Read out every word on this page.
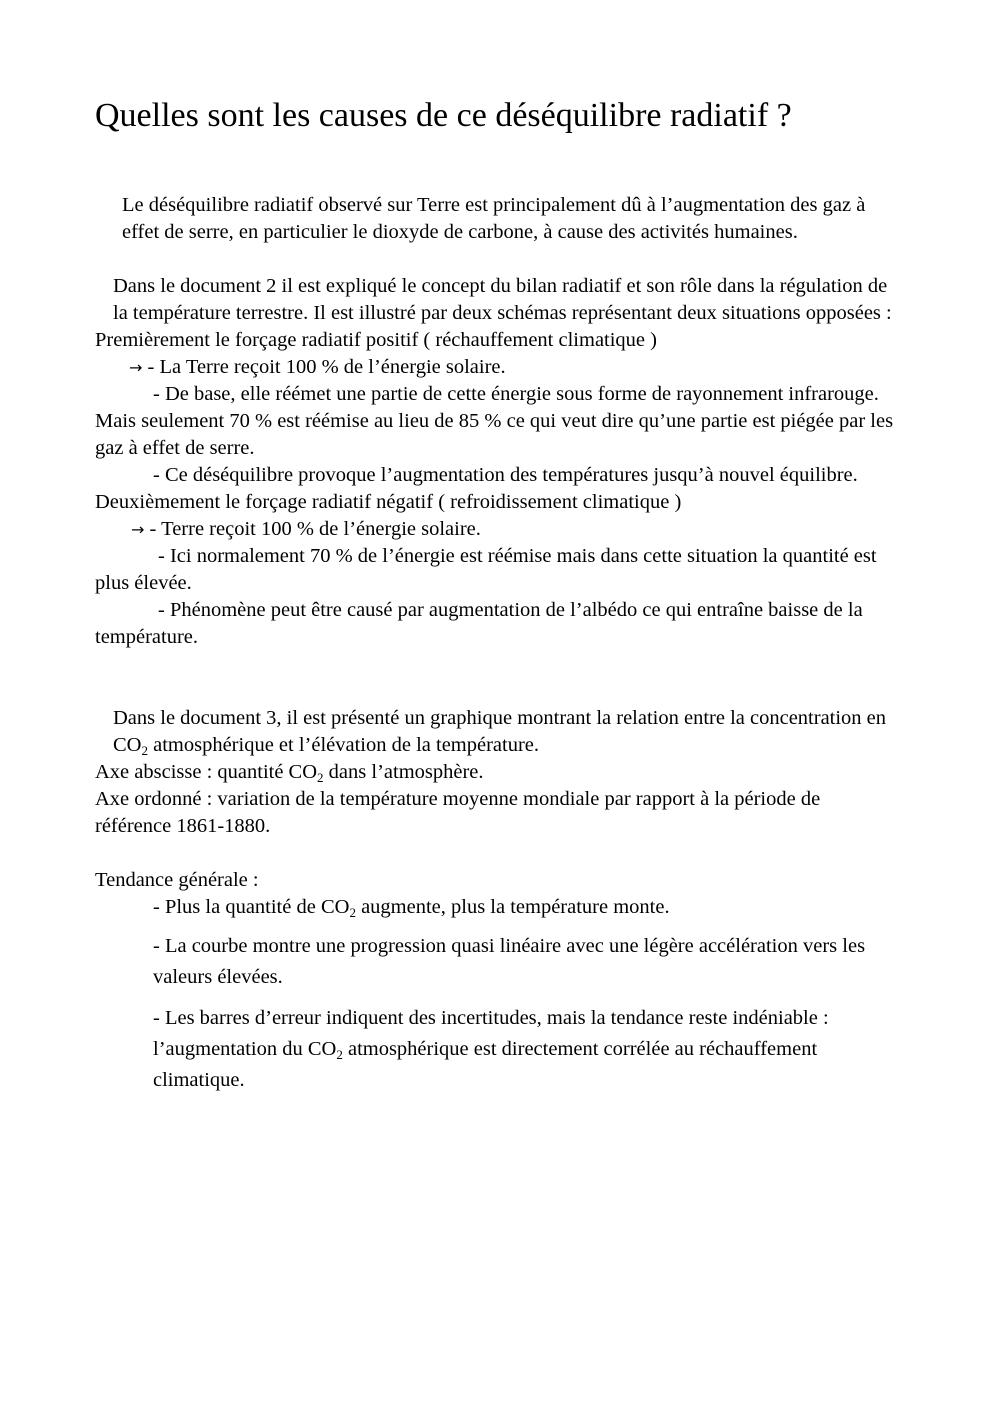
Quelles sont les causes de ce déséquilibre radiatif ?

Le déséquilibre radiatif observé sur Terre est principalement dû à l’augmentation des gaz à effet de serre, en particulier le dioxyde de carbone, à cause des activités humaines.

Dans le document 2 il est expliqué le concept du bilan radiatif et son rôle dans la régulation de la température terrestre. Il est illustré par deux schémas représentant deux situations opposées :

Premièrement le forçage radiatif positif ( réchauffement climatique )

→ - La Terre reçoit 100 % de l’énergie solaire.

- De base, elle réémet une partie de cette énergie sous forme de rayonnement infrarouge. Mais seulement 70 % est réémise au lieu de 85 % ce qui veut dire qu’une partie est piégée par les gaz à effet de serre.

- Ce déséquilibre provoque l’augmentation des températures jusqu’à nouvel équilibre.

Deuxièmement le forçage radiatif négatif ( refroidissement climatique )

→ - Terre reçoit 100 % de l’énergie solaire.

- Ici normalement 70 % de l’énergie est réémise mais dans cette situation la quantité est plus élevée.

- Phénomène peut être causé par augmentation de l’albédo ce qui entraîne baisse de la température.

Dans le document 3, il est présenté un graphique montrant la relation entre la concentration en $CO_2$ atmosphérique et l’élévation de la température.

Axe abscisse : quantité $CO_2$ dans l’atmosphère.

Axe ordonné : variation de la température moyenne mondiale par rapport à la période de référence 1861-1880.

Tendance générale :

- Plus la quantité de $CO_2$ augmente, plus la température monte.

- La courbe montre une progression quasi linéaire avec une légère accélération vers les valeurs élevées.

- Les barres d’erreur indiquent des incertitudes, mais la tendance reste indéniable : l’augmentation du $CO_2$ atmosphérique est directement corrélée au réchauffement climatique.
